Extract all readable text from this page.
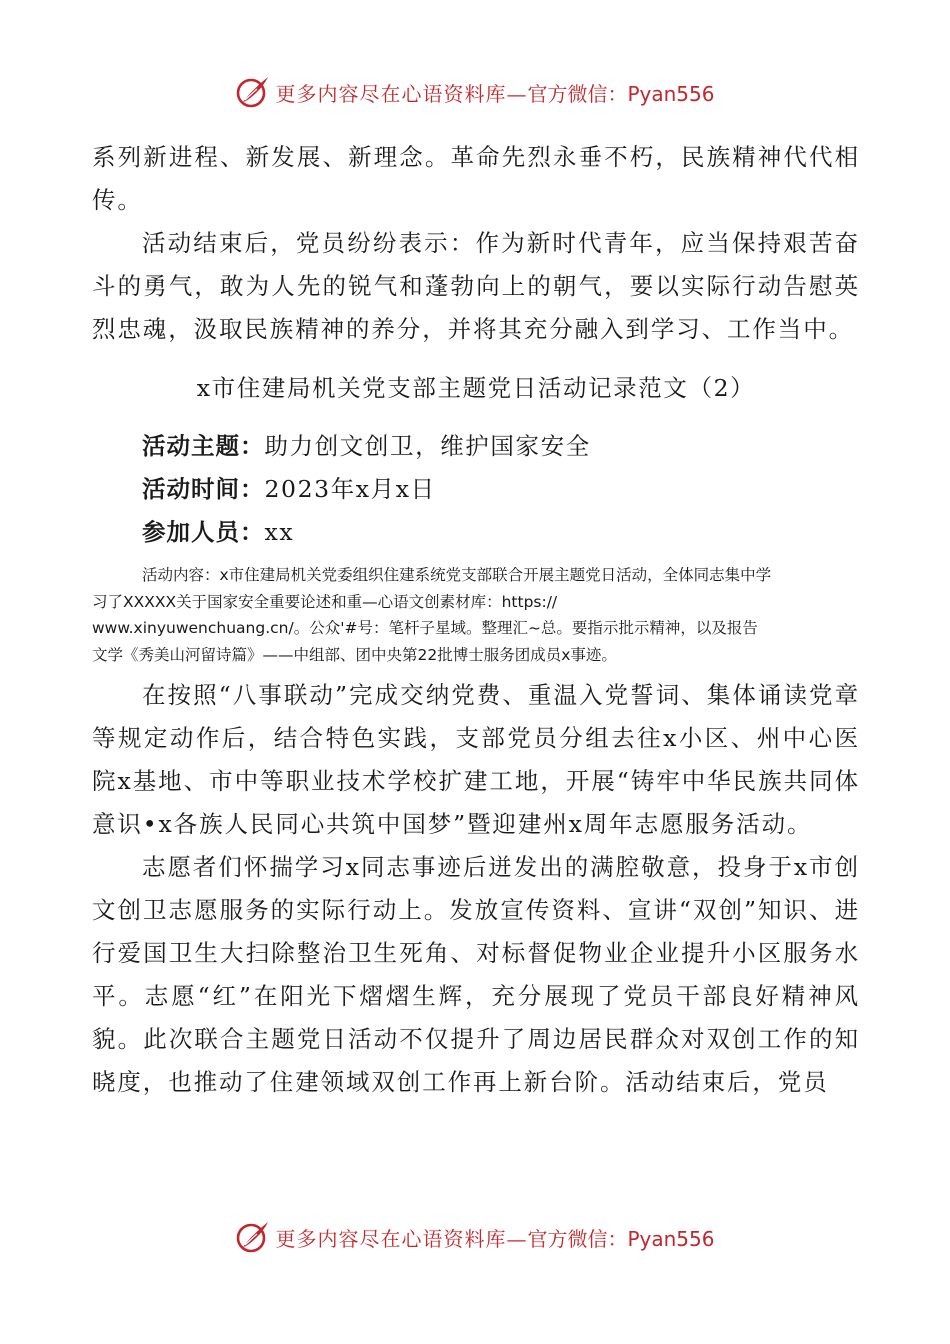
更多内容尽在心语资料库— 官方微信：Pyan556

系列新进程、新发展、新理念。革命先烈永垂不朽，民族精神代代相传。

活动结束后，党员纷纷表示：作为新时代青年，应当保持艰苦奋斗的勇气，敢为人先的锐气和蓬勃向上的朝气，要以实际行动告慰英烈忠魂，汲取民族精神的养分，并将其充分融入到学习、工作当中。

x市住建局机关党支部主题党日活动记录范文（2）

活动主题：助力创文创卫，维护国家安全

活动时间：2023年x月x日

参加人员：xx

活动内容：x市住建局机关党委组织住建系统党支部联合开展主题党日活动，全体同志集中学
习了XXXXX关于国家安全重要论述和重—心语文创素材库：https://
www.xinyuwenchuang.cn/。公众'#号：笔杆子星域。整理汇~总。要指示批示精神，以及报告
文学《秀美山河留诗篇》——中组部、团中央第22批博士服务团成员x事迹。

在按照“八事联动”完成交纳党费、重温入党誓词、集体诵读党章等规定动作后，结合特色实践，支部党员分组去往x小区、州中心医院x基地、市中等职业技术学校扩建工地，开展“铸牢中华民族共同体意识•x各族人民同心共筑中国梦”暨迎建州x周年志愿服务活动。

志愿者们怀揣学习x同志事迹后迸发出的满腔敬意，投身于x市创文创卫志愿服务的实际行动上。发放宣传资料、宣讲“双创”知识、进行爱国卫生大扫除整治卫生死角、对标督促物业企业提升小区服务水平。志愿“红”在阳光下熠熠生辉，充分展现了党员干部良好精神风貌。此次联合主题党日活动不仅提升了周边居民群众对双创工作的知晓度，也推动了住建领域双创工作再上新台阶。活动结束后，党员

更多内容尽在心语资料库— 官方微信：Pyan556
